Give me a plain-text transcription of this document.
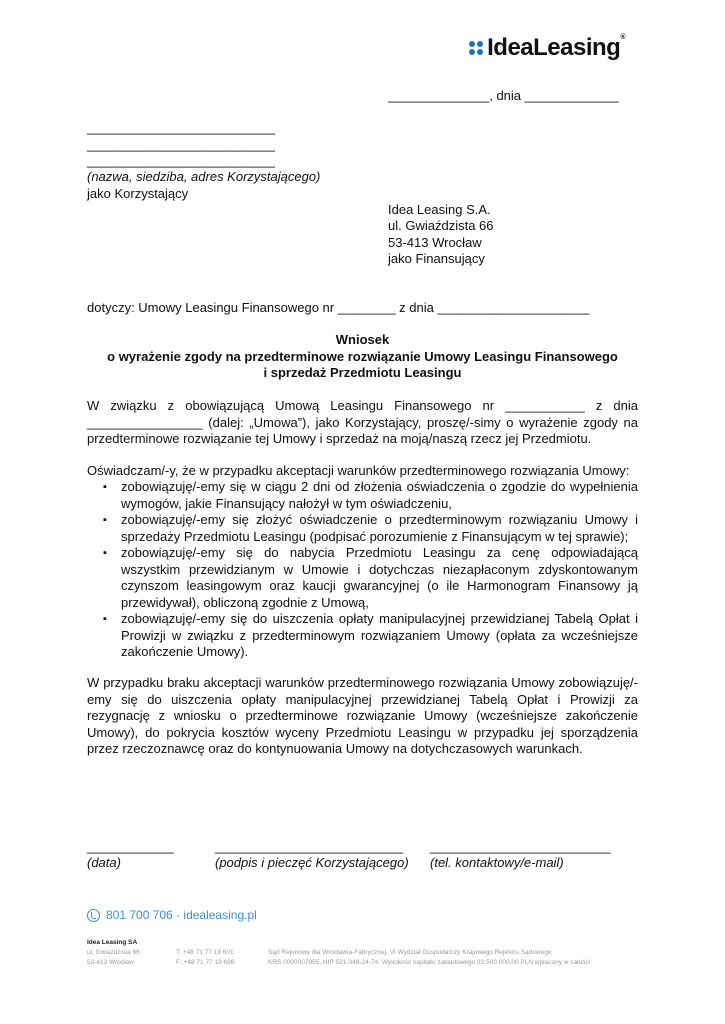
IdeaLeasing®
______________, dnia _____________
__________________________
__________________________
__________________________
(nazwa, siedziba, adres Korzystającego)
jako Korzystający
Idea Leasing S.A.
ul. Gwiaździsta 66
53-413 Wrocław
jako Finansujący
dotyczy: Umowy Leasingu Finansowego nr ________ z dnia _____________________
Wniosek
o wyrażenie zgody na przedterminowe rozwiązanie Umowy Leasingu Finansowego
i sprzedaż Przedmiotu Leasingu
W związku z obowiązującą Umową Leasingu Finansowego nr ___________ z dnia ________________ (dalej: „Umowa”), jako Korzystający, proszę/-simy o wyrażenie zgody na przedterminowe rozwiązanie tej Umowy i sprzedaż na moją/naszą rzecz jej Przedmiotu.
Oświadczam/-y, że w przypadku akceptacji warunków przedterminowego rozwiązania Umowy:
▪ zobowiązuję/-emy się w ciągu 2 dni od złożenia oświadczenia o zgodzie do wypełnienia wymogów, jakie Finansujący nałożył w tym oświadczeniu,
▪ zobowiązuję/-emy się złożyć oświadczenie o przedterminowym rozwiązaniu Umowy i sprzedaży Przedmiotu Leasingu (podpisać porozumienie z Finansującym w tej sprawie);
▪ zobowiązuję/-emy się do nabycia Przedmiotu Leasingu za cenę odpowiadającą wszystkim przewidzianym w Umowie i dotychczas niezapłaconym zdyskontowanym czynszom leasingowym oraz kaucji gwarancyjnej (o ile Harmonogram Finansowy ją przewidywał), obliczoną zgodnie z Umową,
▪ zobowiązuję/-emy się do uiszczenia opłaty manipulacyjnej przewidzianej Tabelą Opłat i Prowizji w związku z przedterminowym rozwiązaniem Umowy (opłata za wcześniejsze zakończenie Umowy).
W przypadku braku akceptacji warunków przedterminowego rozwiązania Umowy zobowiązuję/-emy się do uiszczenia opłaty manipulacyjnej przewidzianej Tabelą Opłat i Prowizji za rezygnację z wniosku o przedterminowe rozwiązanie Umowy (wcześniejsze zakończenie Umowy), do pokrycia kosztów wyceny Przedmiotu Leasingu w przypadku jej sporządzenia przez rzeczoznawcę oraz do kontynuowania Umowy na dotychczasowych warunkach.
____________	__________________________ _________________________
(data)	(podpis i pieczęć Korzystającego) (tel. kontaktowy/e-mail)
801 700 706 · idealeasing.pl
Idea Leasing SA
ul. Gwiaździsta 66
53-413 Wrocław
T: +48 71 77 19 601
F: +48 71 77 19 696
Sąd Rejonowy dla Wrocławia-Fabrycznej, VI Wydział Gospodarczy Krajowego Rejestru Sądowego
KRS 0000007955, NIP 521-348-24-74, Wysokość kapitału zakładowego 23.500.000,00 PLN wpłacony w całości
